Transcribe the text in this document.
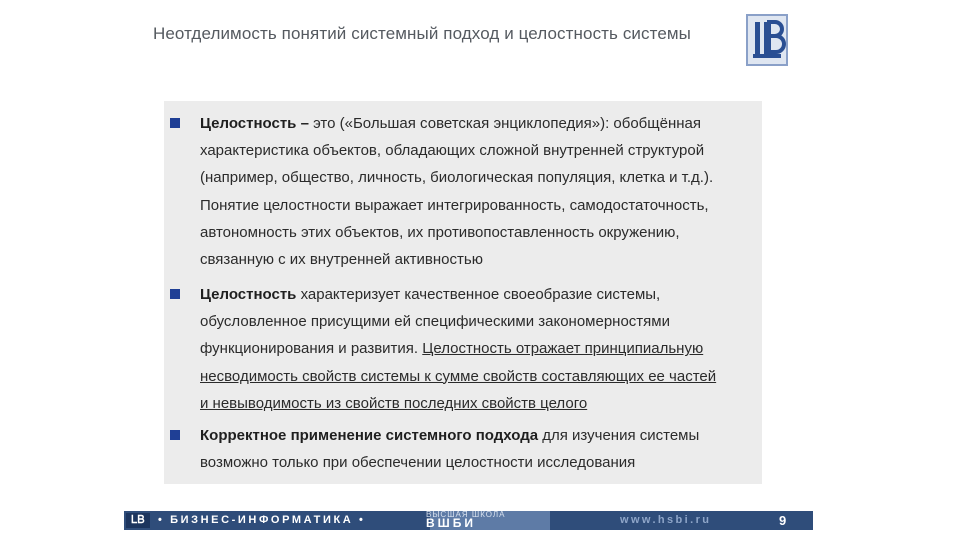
Неотделимость понятий системный подход и целостность системы
Целостность – это («Большая советская энциклопедия»): обобщённая
характеристика объектов, обладающих сложной внутренней структурой
(например, общество, личность, биологическая популяция, клетка и т.д.).
Понятие целостности выражает интегрированность, самодостаточность,
автономность этих объектов, их противопоставленность окружению,
связанную с их внутренней активностью
Целостность характеризует качественное своеобразие системы,
обусловленное присущими ей специфическими закономерностями
функционирования и развития. Целостность отражает принципиальную
несводимость свойств системы к сумме свойств составляющих ее частей
и невыводимость из свойств последних свойств целого
Корректное применение системного подхода для изучения системы
возможно только при обеспечении целостности исследования
ᏞᏴ	• БИЗНЕС-ИНФОРМАТИКА •	ВЫСШАЯ ШКОЛА
ВШБИ	www.hsbi.ru	9
